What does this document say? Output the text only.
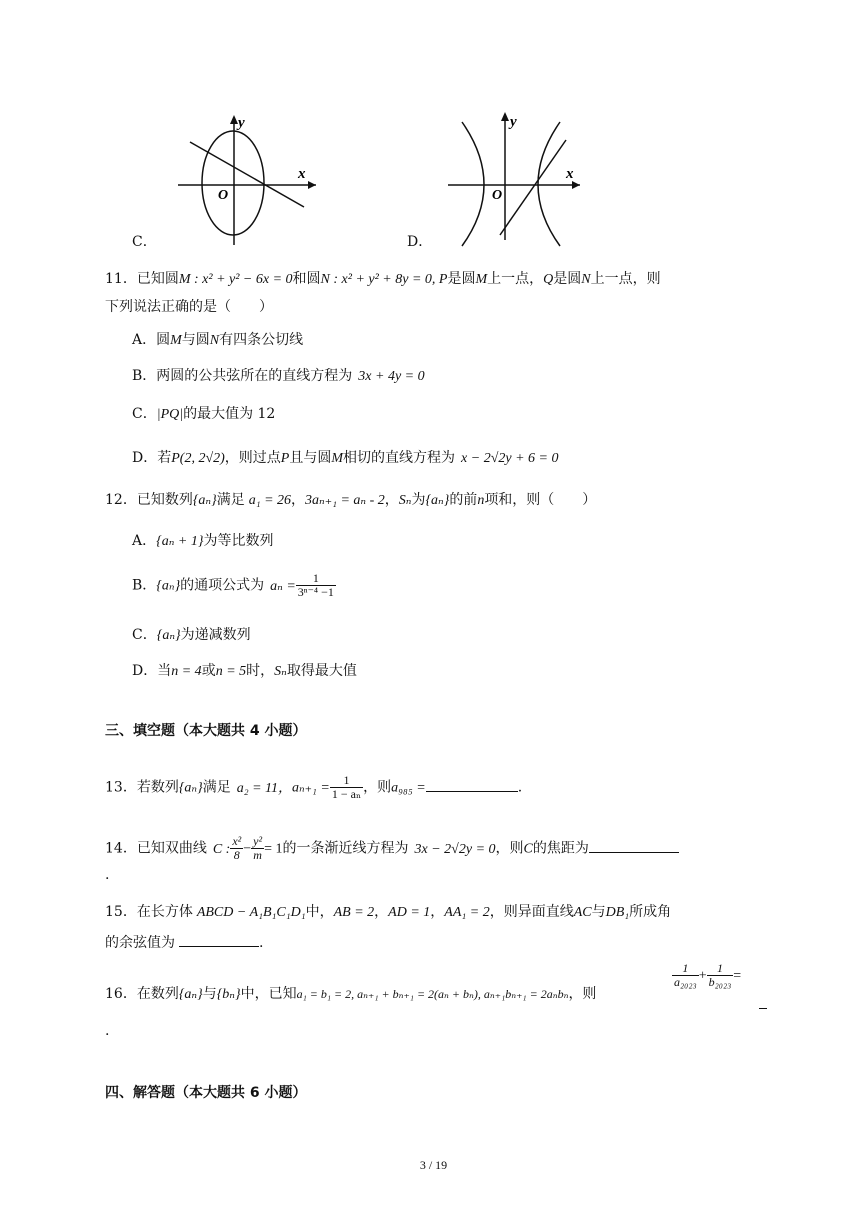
y
x
O
C．
y
x
O
D．
11．已知圆M : x² + y² − 6x = 0和圆N : x² + y² + 8y = 0, P是圆M上一点，Q是圆N上一点，则
下列说法正确的是（　　）
A．圆M与圆N有四条公切线
B．两圆的公共弦所在的直线方程为 3x + 4y = 0
C．|PQ|的最大值为 12
D．若P(2, 2√2)，则过点P且与圆M相切的直线方程为 x − 2√2y + 6 = 0
12．已知数列{aₙ}满足 a₁ = 26，3aₙ₊₁ = aₙ - 2，Sₙ为{aₙ}的前n项和，则（　　）
A．{aₙ + 1}为等比数列
B．{aₙ}的通项公式为 $a_n = \frac{1}{\text{3ⁿ⁻⁴ −1}}$
C．{aₙ}为递减数列
D．当n = 4或n = 5时，Sₙ取得最大值
三、填空题（本大题共 4 小题）
13．若数列{aₙ}满足 a₂ = 11，$a_{n+1} = \frac{1}{\text{1 − aₙ}}$ ，则a₉₈₅ =	.
14．已知双曲线 C : $\frac{\text{x²}}{8} - \frac{\text{y²}}{m} = 1$的一条渐近线方程为 3x − 2√2y = 0，则C的焦距为
.
15．在长方体 ABCD − A₁B₁C₁D₁中，AB = 2，AD = 1，AA₁ = 2，则异面直线AC与DB₁所成角
的余弦值为	.
16．在数列{aₙ}与{bₙ}中，已知a₁ = b₁ = 2, aₙ₊₁ + bₙ₊₁ = 2(aₙ + bₙ), aₙ₊₁bₙ₊₁ = 2aₙbₙ，则
$\frac{1}{\text{a₂₀₂₃}} + \frac{1}{\text{b₂₀₂₃}}$ =
.
四、解答题（本大题共 6 小题）
3 / 19
